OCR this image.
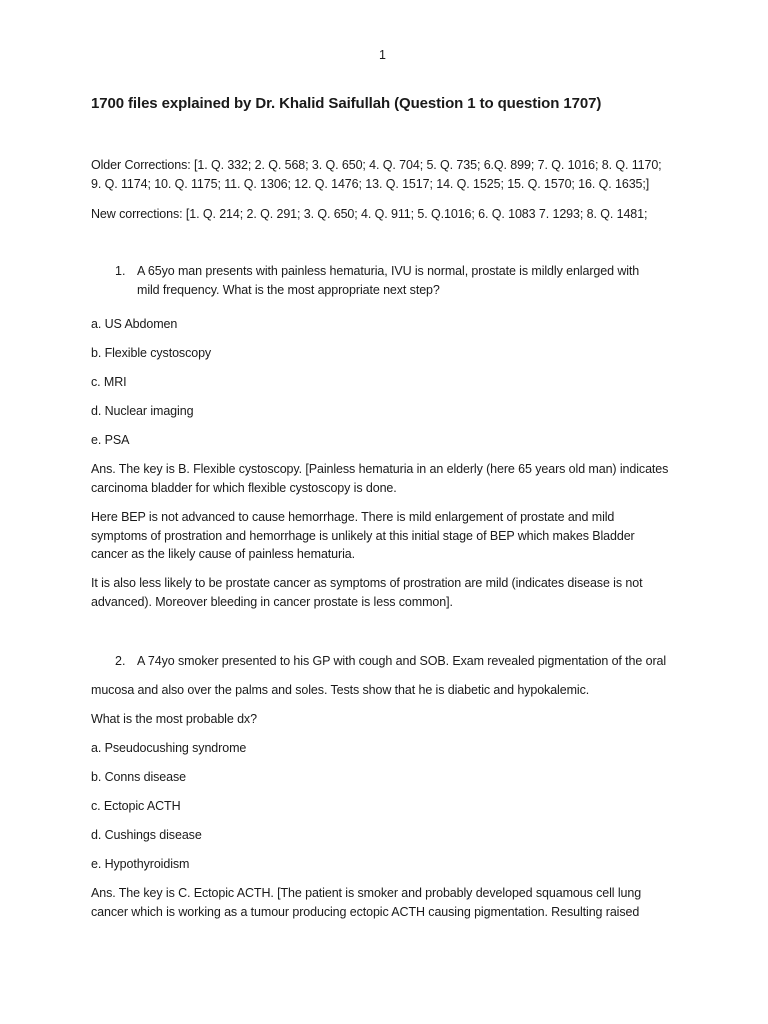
1
1700 files explained by Dr. Khalid Saifullah (Question 1 to question 1707)
Older Corrections: [1. Q. 332; 2. Q. 568; 3. Q. 650; 4. Q. 704; 5. Q. 735; 6.Q. 899; 7. Q. 1016; 8. Q. 1170;
9. Q. 1174; 10. Q. 1175; 11. Q. 1306; 12. Q. 1476; 13. Q. 1517; 14. Q. 1525; 15. Q. 1570; 16. Q. 1635;]
New corrections: [1. Q. 214; 2. Q. 291; 3. Q. 650; 4. Q. 911; 5. Q.1016; 6. Q. 1083 7. 1293; 8. Q. 1481;
1. A 65yo man presents with painless hematuria, IVU is normal, prostate is mildly enlarged with
mild frequency. What is the most appropriate next step?
a. US Abdomen
b. Flexible cystoscopy
c. MRI
d. Nuclear imaging
e. PSA
Ans. The key is B. Flexible cystoscopy. [Painless hematuria in an elderly (here 65 years old man) indicates
carcinoma bladder for which flexible cystoscopy is done.
Here BEP is not advanced to cause hemorrhage. There is mild enlargement of prostate and mild
symptoms of prostration and hemorrhage is unlikely at this initial stage of BEP which makes Bladder
cancer as the likely cause of painless hematuria.
It is also less likely to be prostate cancer as symptoms of prostration are mild (indicates disease is not
advanced). Moreover bleeding in cancer prostate is less common].
2. A 74yo smoker presented to his GP with cough and SOB. Exam revealed pigmentation of the oral
mucosa and also over the palms and soles. Tests show that he is diabetic and hypokalemic.
What is the most probable dx?
a. Pseudocushing syndrome
b. Conns disease
c. Ectopic ACTH
d. Cushings disease
e. Hypothyroidism
Ans. The key is C. Ectopic ACTH. [The patient is smoker and probably developed squamous cell lung
cancer which is working as a tumour producing ectopic ACTH causing pigmentation. Resulting raised
